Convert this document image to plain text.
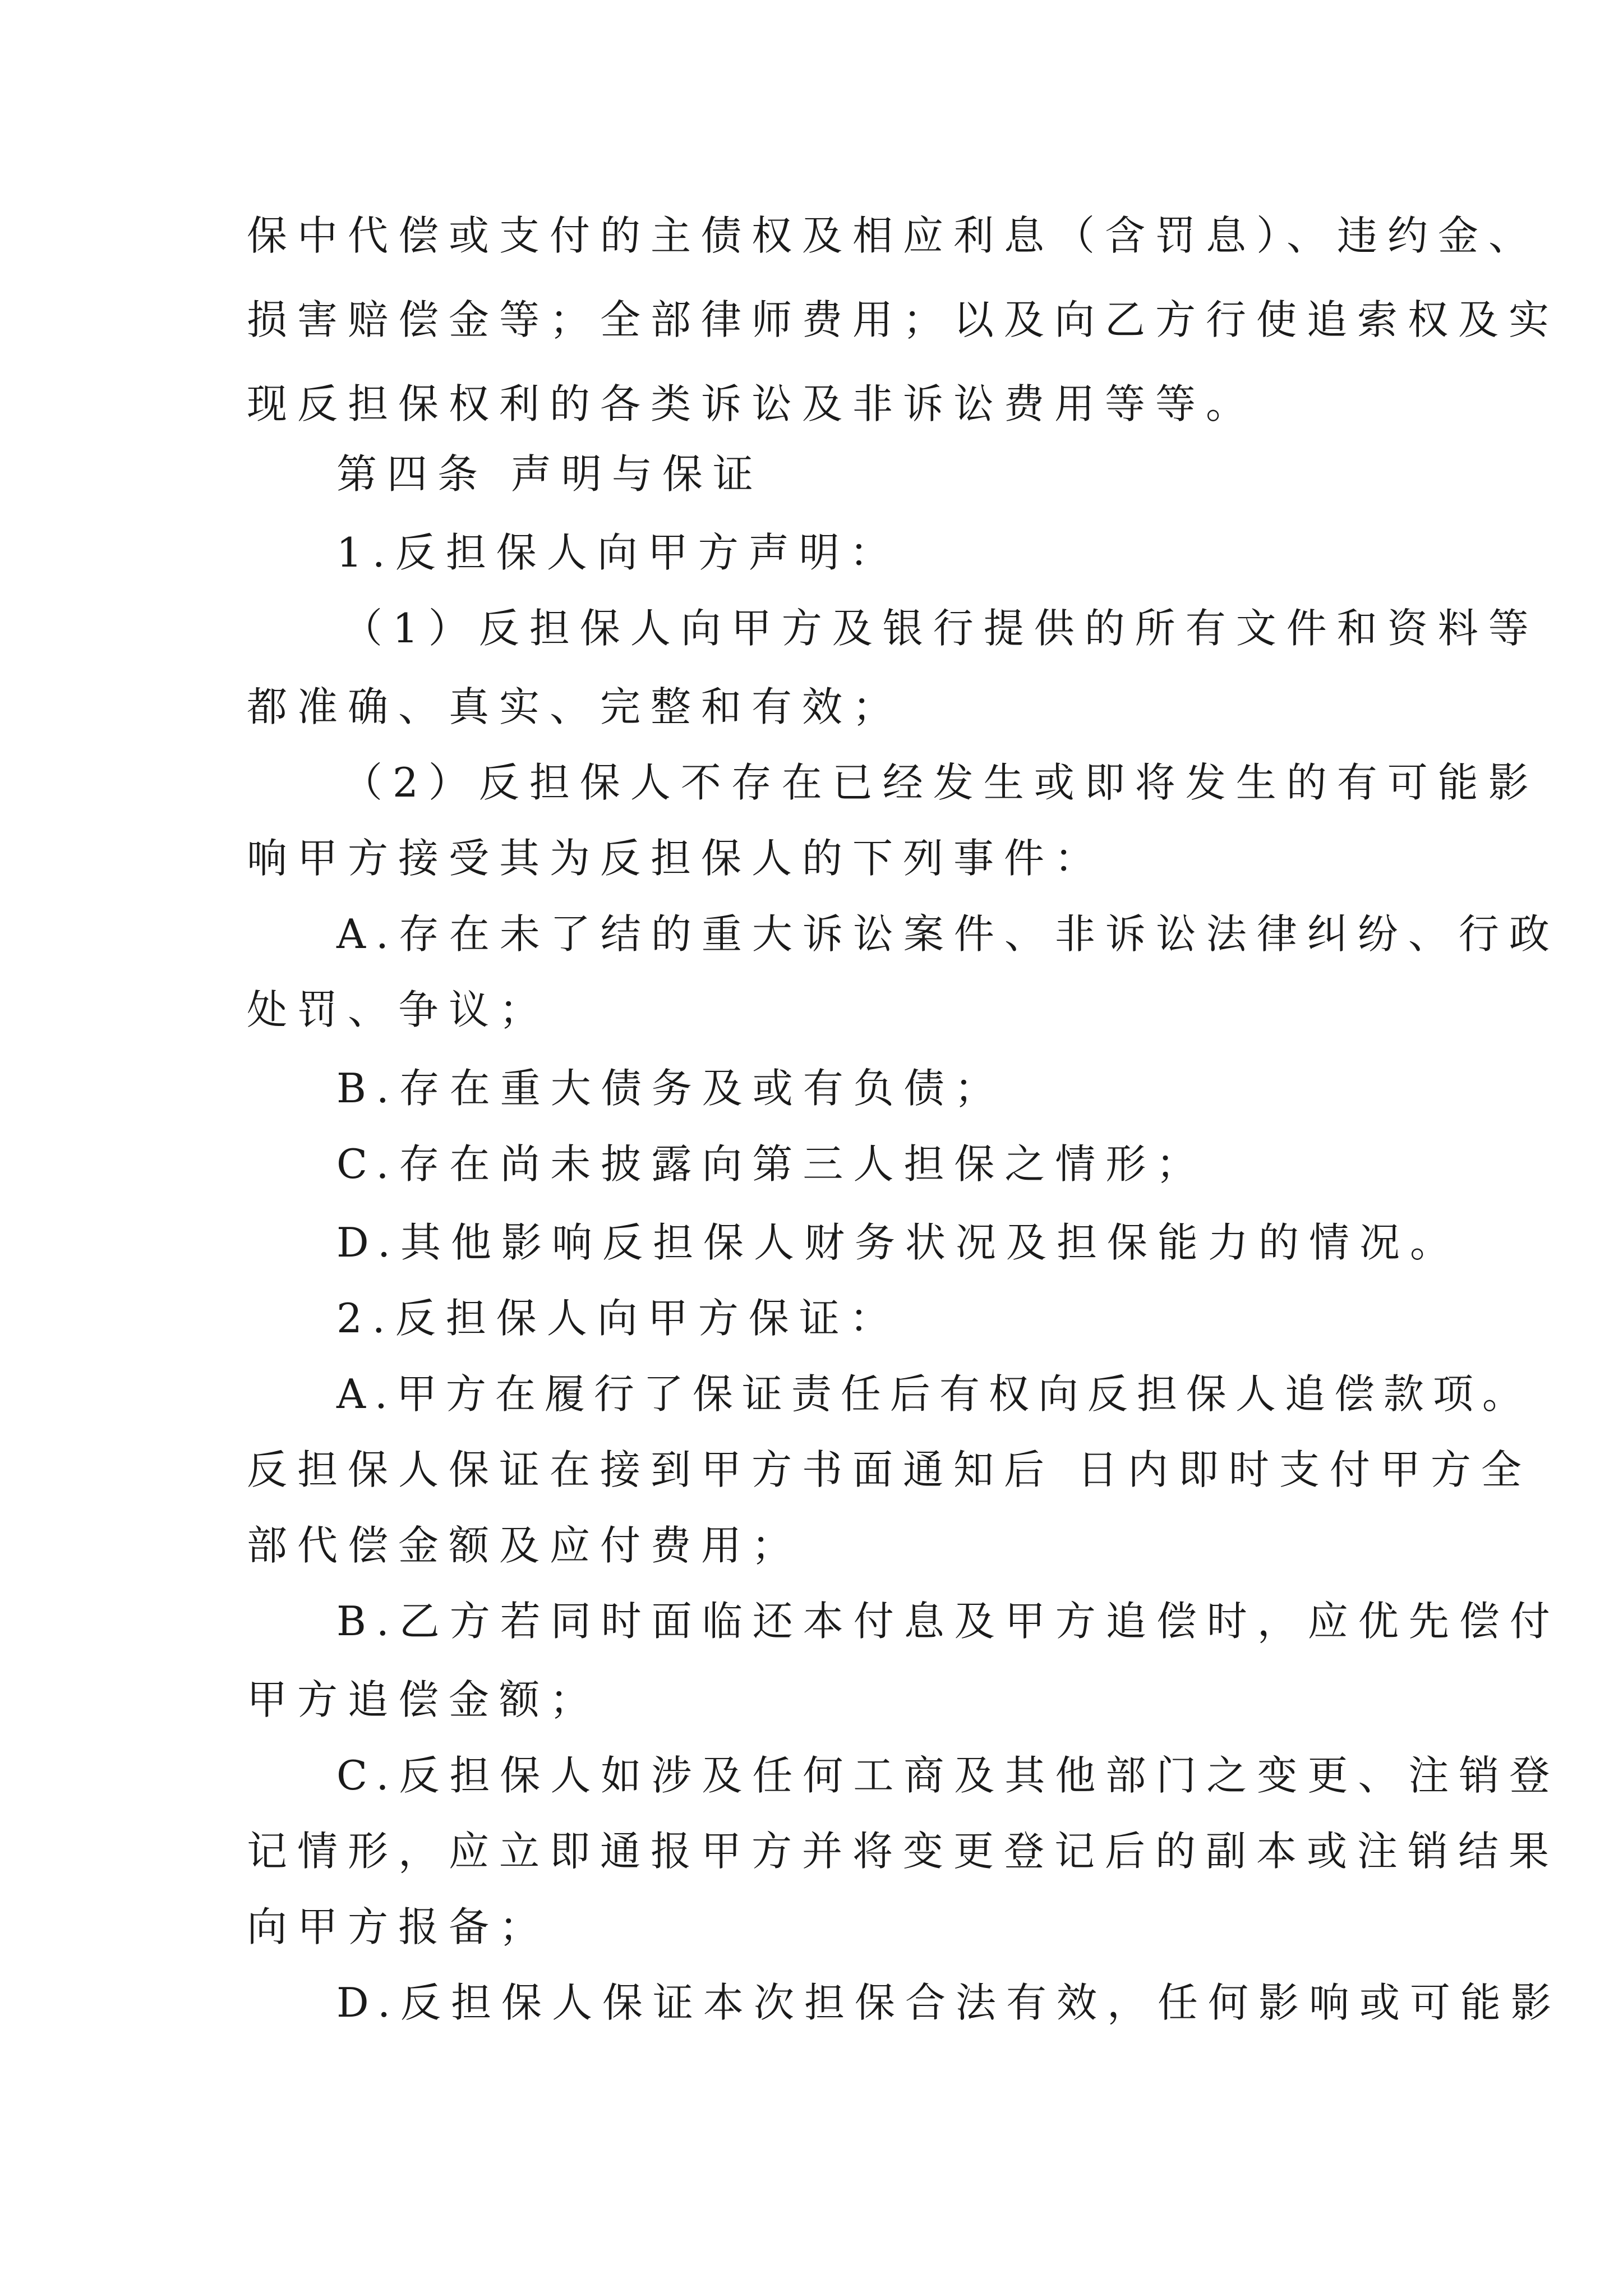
保中代偿或支付的主债权及相应利息（含罚息）、违约金、
损害赔偿金等；全部律师费用；以及向乙方行使追索权及实
现反担保权利的各类诉讼及非诉讼费用等等。
第四条 声明与保证
1.反担保人向甲方声明：
（1）反担保人向甲方及银行提供的所有文件和资料等
都准确、真实、完整和有效；
（2）反担保人不存在已经发生或即将发生的有可能影
响甲方接受其为反担保人的下列事件：
A.存在未了结的重大诉讼案件、非诉讼法律纠纷、行政
处罚、争议；
B.存在重大债务及或有负债；
C.存在尚未披露向第三人担保之情形；
D.其他影响反担保人财务状况及担保能力的情况。
2.反担保人向甲方保证：
A.甲方在履行了保证责任后有权向反担保人追偿款项。
反担保人保证在接到甲方书面通知后 日内即时支付甲方全
部代偿金额及应付费用；
B.乙方若同时面临还本付息及甲方追偿时，应优先偿付
甲方追偿金额；
C.反担保人如涉及任何工商及其他部门之变更、注销登
记情形，应立即通报甲方并将变更登记后的副本或注销结果
向甲方报备；
D.反担保人保证本次担保合法有效，任何影响或可能影
